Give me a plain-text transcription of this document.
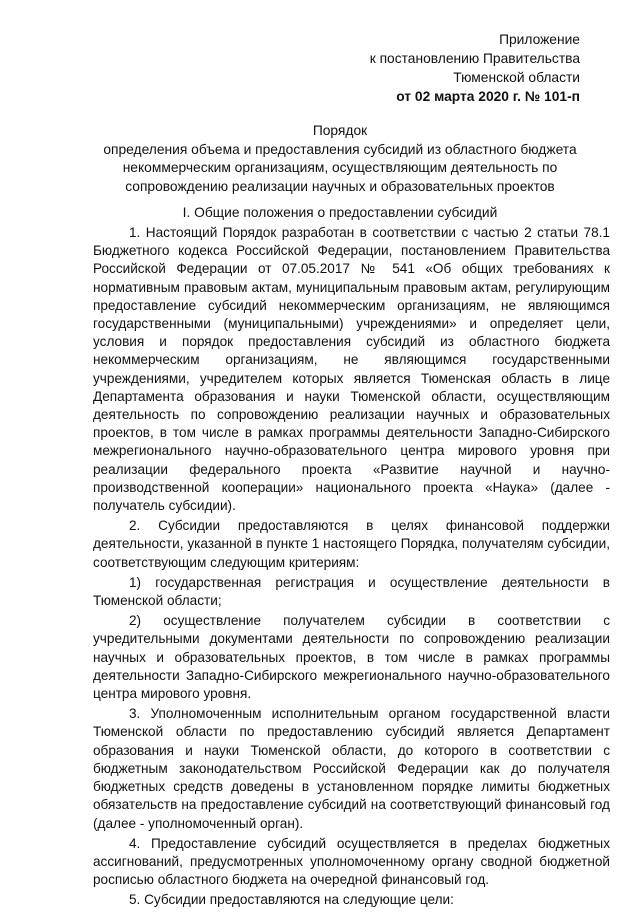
Приложение
к постановлению Правительства
Тюменской области
от 02 марта 2020 г. № 101-п
Порядок
определения объема и предоставления субсидий из областного бюджета
некоммерческим организациям, осуществляющим деятельность по
сопровождению реализации научных и образовательных проектов
I. Общие положения о предоставлении субсидий

1. Настоящий Порядок разработан в соответствии с частью 2 статьи 78.1 Бюджетного кодекса Российской Федерации, постановлением Правительства Российской Федерации от 07.05.2017 № 541 «Об общих требованиях к нормативным правовым актам, муниципальным правовым актам, регулирующим предоставление субсидий некоммерческим организациям, не являющимся государственными (муниципальными) учреждениями» и определяет цели, условия и порядок предоставления субсидий из областного бюджета некоммерческим организациям, не являющимся государственными учреждениями, учредителем которых является Тюменская область в лице Департамента образования и науки Тюменской области, осуществляющим деятельность по сопровождению реализации научных и образовательных проектов, в том числе в рамках программы деятельности Западно-Сибирского межрегионального научно-образовательного центра мирового уровня при реализации федерального проекта «Развитие научной и научно-производственной кооперации» национального проекта «Наука» (далее - получатель субсидии).

2. Субсидии предоставляются в целях финансовой поддержки деятельности, указанной в пункте 1 настоящего Порядка, получателям субсидии, соответствующим следующим критериям:

1) государственная регистрация и осуществление деятельности в Тюменской области;

2) осуществление получателем субсидии в соответствии с учредительными документами деятельности по сопровождению реализации научных и образовательных проектов, в том числе в рамках программы деятельности Западно-Сибирского межрегионального научно-образовательного центра мирового уровня.

3. Уполномоченным исполнительным органом государственной власти Тюменской области по предоставлению субсидий является Департамент образования и науки Тюменской области, до которого в соответствии с бюджетным законодательством Российской Федерации как до получателя бюджетных средств доведены в установленном порядке лимиты бюджетных обязательств на предоставление субсидий на соответствующий финансовый год (далее - уполномоченный орган).

4. Предоставление субсидий осуществляется в пределах бюджетных ассигнований, предусмотренных уполномоченному органу сводной бюджетной росписью областного бюджета на очередной финансовый год.

5. Субсидии предоставляются на следующие цели:
